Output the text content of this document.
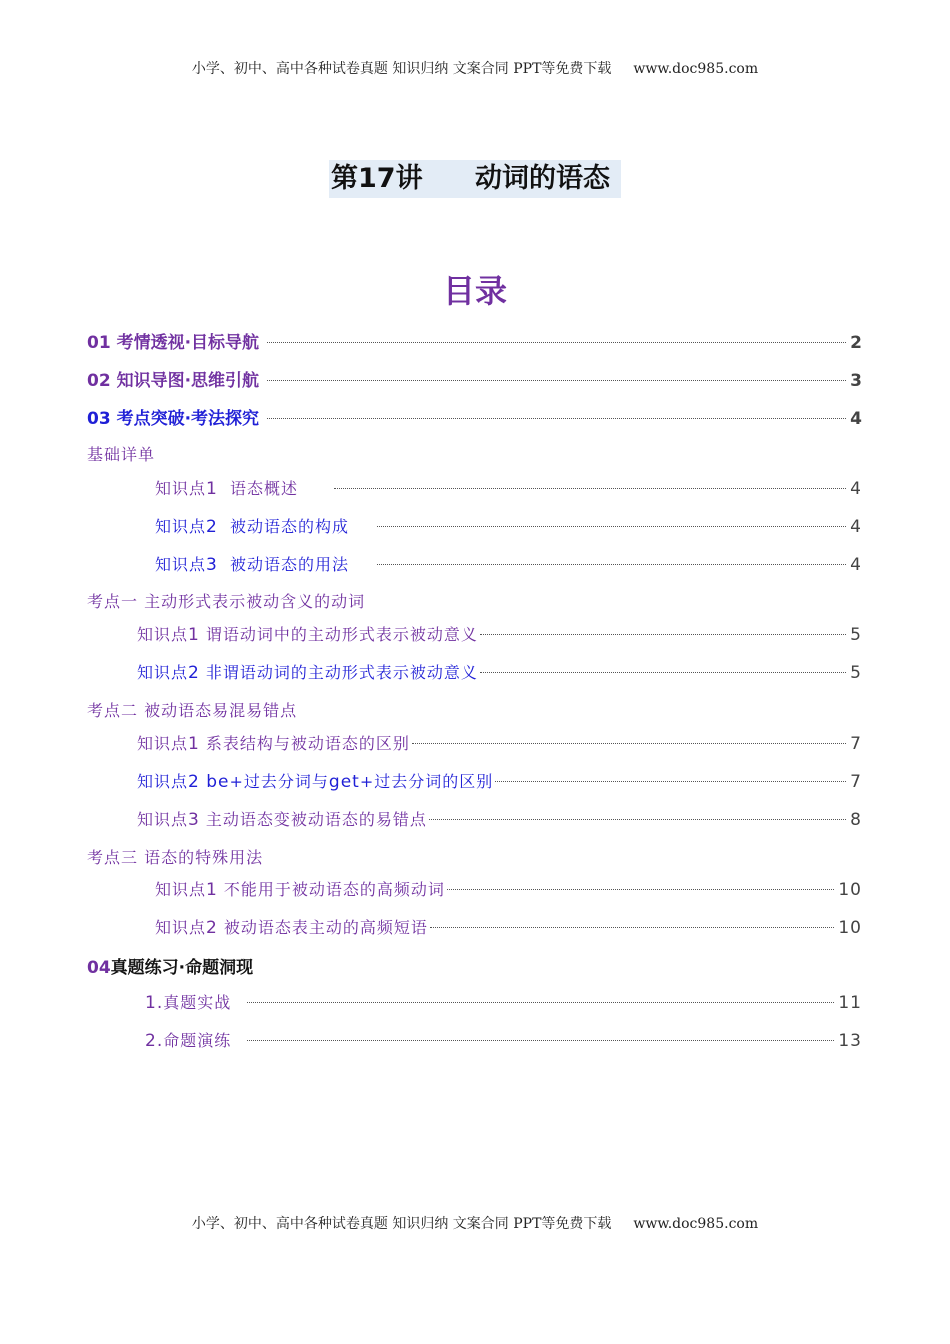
小学、初中、高中各种试卷真题 知识归纳 文案合同 PPT等免费下载 www.doc985.com
第17讲 动词的语态
目录
01 考情透视·目标导航	2
02 知识导图·思维引航	3
03 考点突破·考法探究	4
基础详单
知识点1  语态概述	4
知识点2  被动语态的构成	4
知识点3  被动语态的用法	4
考点一 主动形式表示被动含义的动词
知识点1 谓语动词中的主动形式表示被动意义	5
知识点2 非谓语动词的主动形式表示被动意义	5
考点二 被动语态易混易错点
知识点1 系表结构与被动语态的区别	7
知识点2 be+过去分词与get+过去分词的区别	7
知识点3 主动语态变被动语态的易错点	8
考点三 语态的特殊用法
知识点1 不能用于被动语态的高频动词	10
知识点2 被动语态表主动的高频短语	10
04 真题练习·命题洞现
1.真题实战	11
2.命题演练	13
小学、初中、高中各种试卷真题 知识归纳 文案合同 PPT等免费下载 www.doc985.com
